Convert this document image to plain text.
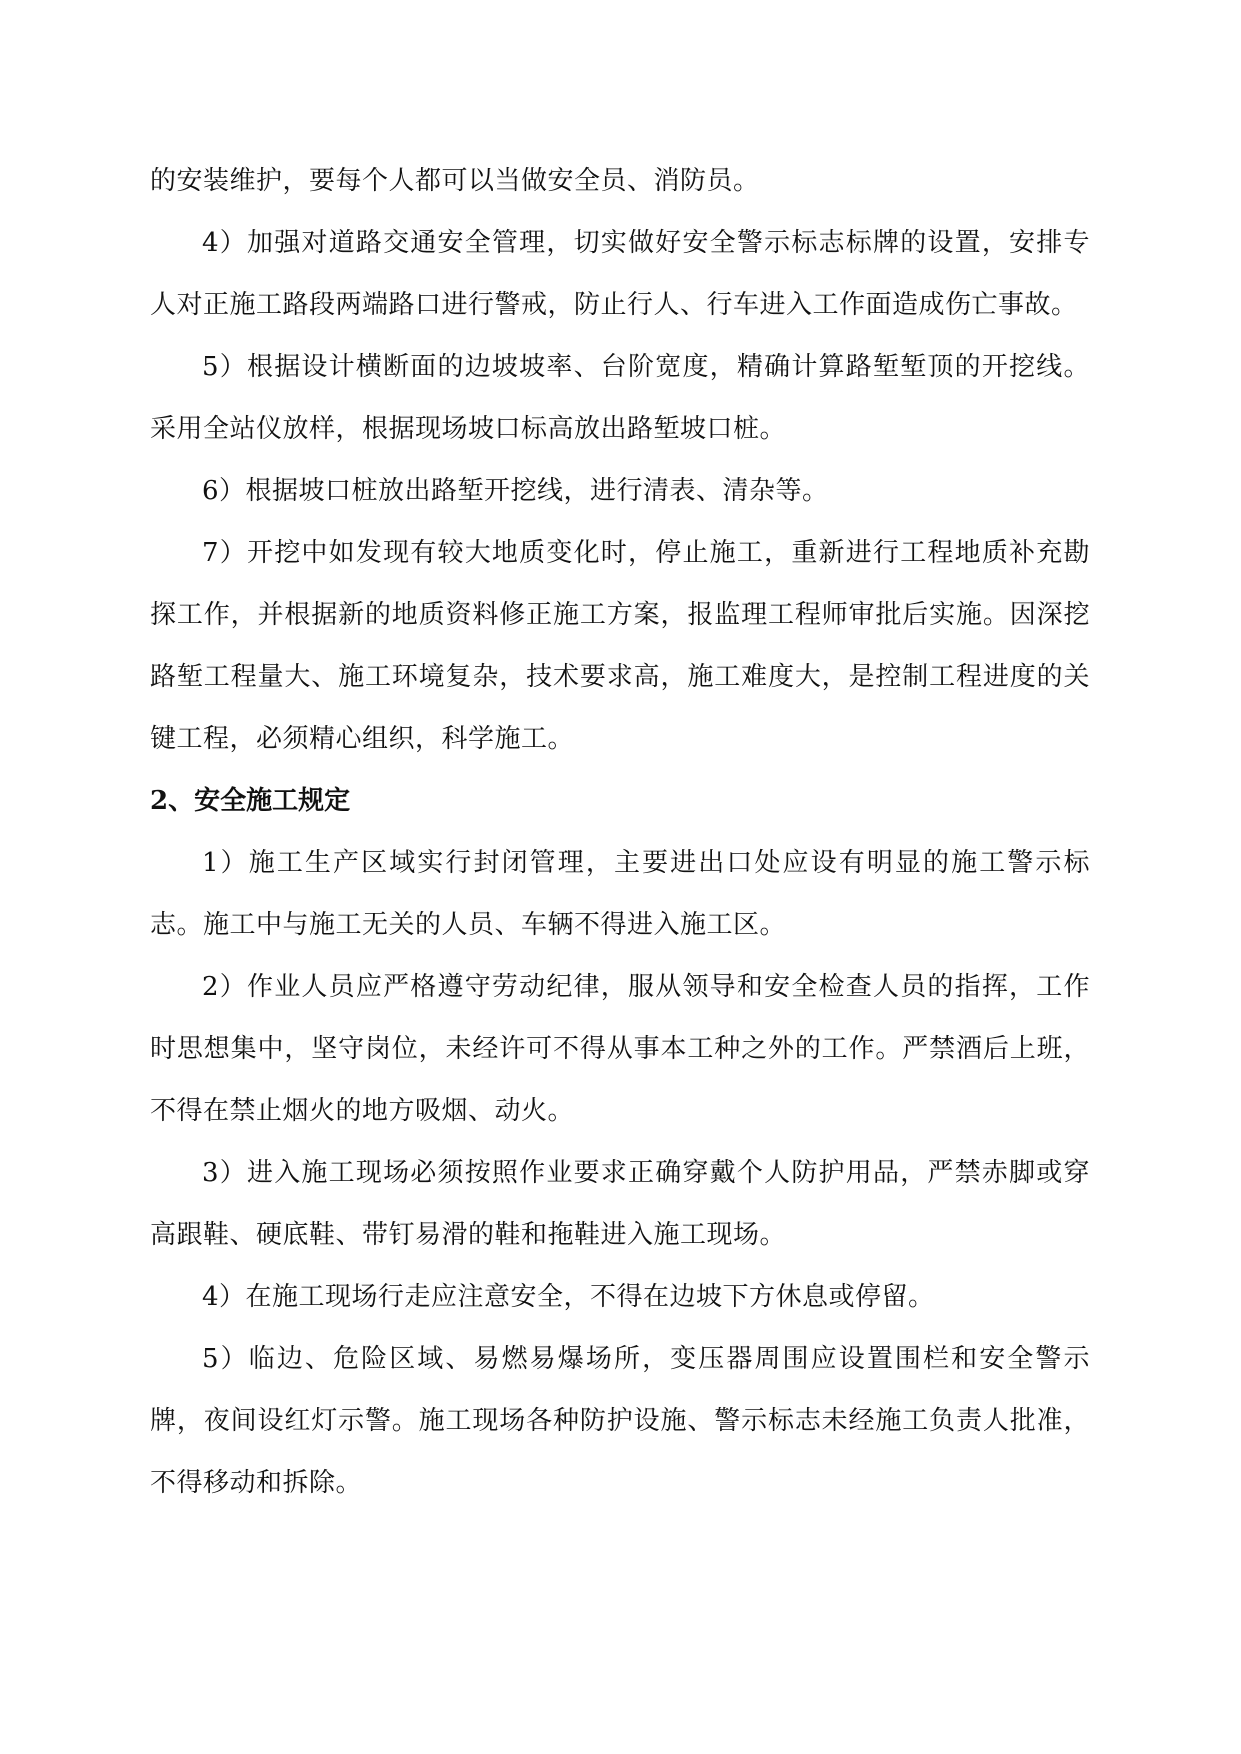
的安装维护，要每个人都可以当做安全员、消防员。

4）加强对道路交通安全管理，切实做好安全警示标志标牌的设置，安排专人对正施工路段两端路口进行警戒，防止行人、行车进入工作面造成伤亡事故。

5）根据设计横断面的边坡坡率、台阶宽度，精确计算路堑堑顶的开挖线。采用全站仪放样，根据现场坡口标高放出路堑坡口桩。

6）根据坡口桩放出路堑开挖线，进行清表、清杂等。

7）开挖中如发现有较大地质变化时，停止施工，重新进行工程地质补充勘探工作，并根据新的地质资料修正施工方案，报监理工程师审批后实施。因深挖路堑工程量大、施工环境复杂，技术要求高，施工难度大，是控制工程进度的关键工程，必须精心组织，科学施工。

2、安全施工规定

1）施工生产区域实行封闭管理，主要进出口处应设有明显的施工警示标志。施工中与施工无关的人员、车辆不得进入施工区。

2）作业人员应严格遵守劳动纪律，服从领导和安全检查人员的指挥，工作时思想集中，坚守岗位，未经许可不得从事本工种之外的工作。严禁酒后上班，不得在禁止烟火的地方吸烟、动火。

3）进入施工现场必须按照作业要求正确穿戴个人防护用品，严禁赤脚或穿高跟鞋、硬底鞋、带钉易滑的鞋和拖鞋进入施工现场。

4）在施工现场行走应注意安全，不得在边坡下方休息或停留。

5）临边、危险区域、易燃易爆场所，变压器周围应设置围栏和安全警示牌，夜间设红灯示警。施工现场各种防护设施、警示标志未经施工负责人批准，不得移动和拆除。
